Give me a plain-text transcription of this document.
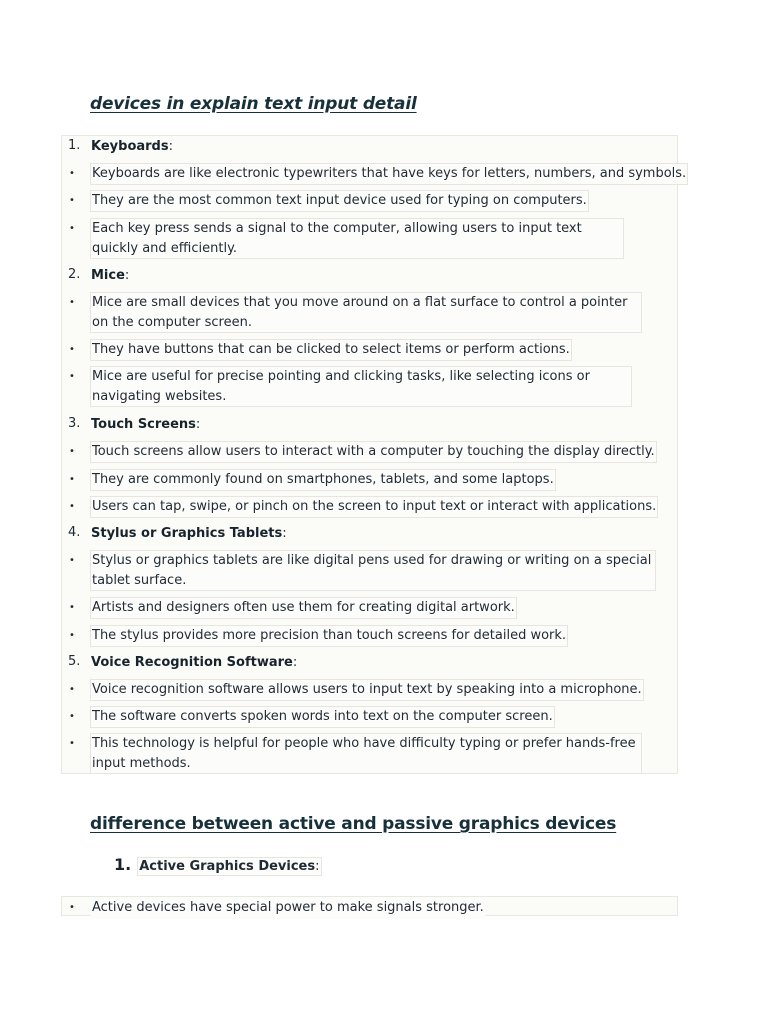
devices in explain text input detail
1. Keyboards:
•	Keyboards are like electronic typewriters that have keys for letters, numbers, and symbols.
•	They are the most common text input device used for typing on computers.
•	Each key press sends a signal to the computer, allowing users to input text quickly and efficiently.
2. Mice:
•	Mice are small devices that you move around on a flat surface to control a pointer on the computer screen.
•	They have buttons that can be clicked to select items or perform actions.
•	Mice are useful for precise pointing and clicking tasks, like selecting icons or navigating websites.
3. Touch Screens:
•	Touch screens allow users to interact with a computer by touching the display directly.
•	They are commonly found on smartphones, tablets, and some laptops.
•	Users can tap, swipe, or pinch on the screen to input text or interact with applications.
4. Stylus or Graphics Tablets:
•	Stylus or graphics tablets are like digital pens used for drawing or writing on a special tablet surface.
•	Artists and designers often use them for creating digital artwork.
•	The stylus provides more precision than touch screens for detailed work.
5. Voice Recognition Software:
•	Voice recognition software allows users to input text by speaking into a microphone.
•	The software converts spoken words into text on the computer screen.
•	This technology is helpful for people who have difficulty typing or prefer hands-free input methods.
difference between active and passive graphics devices
1. Active Graphics Devices:
•	Active devices have special power to make signals stronger.
